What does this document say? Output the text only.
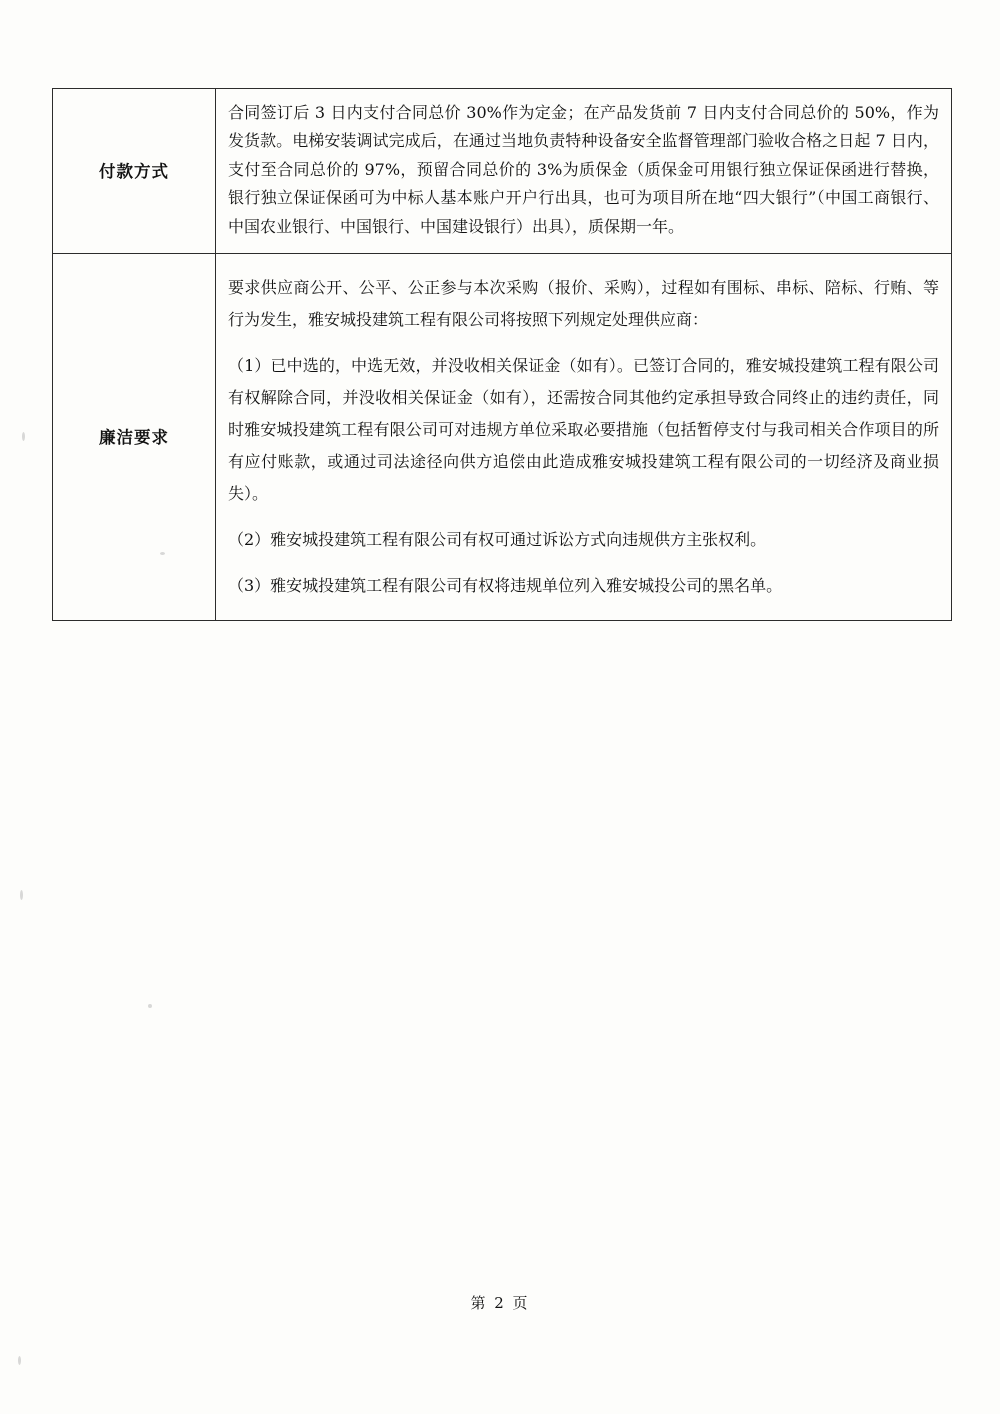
付款方式	合同签订后 3 日内支付合同总价 30%作为定金；在产品发货前 7 日内支付合同总价的 50%，作为发货款。电梯安装调试完成后，在通过当地负责特种设备安全监督管理部门验收合格之日起 7 日内，支付至合同总价的 97%，预留合同总价的 3%为质保金（质保金可用银行独立保证保函进行替换，银行独立保证保函可为中标人基本账户开户行出具，也可为项目所在地“四大银行”（中国工商银行、中国农业银行、中国银行、中国建设银行）出具），质保期一年。

廉洁要求	要求供应商公开、公平、公正参与本次采购（报价、采购），过程如有围标、串标、陪标、行贿、等行为发生，雅安城投建筑工程有限公司将按照下列规定处理供应商：

（1）已中选的，中选无效，并没收相关保证金（如有）。已签订合同的，雅安城投建筑工程有限公司有权解除合同，并没收相关保证金（如有），还需按合同其他约定承担导致合同终止的违约责任，同时雅安城投建筑工程有限公司可对违规方单位采取必要措施（包括暂停支付与我司相关合作项目的所有应付账款，或通过司法途径向供方追偿由此造成雅安城投建筑工程有限公司的一切经济及商业损失）。

（2）雅安城投建筑工程有限公司有权可通过诉讼方式向违规供方主张权利。

（3）雅安城投建筑工程有限公司有权将违规单位列入雅安城投公司的黑名单。

第 2 页
